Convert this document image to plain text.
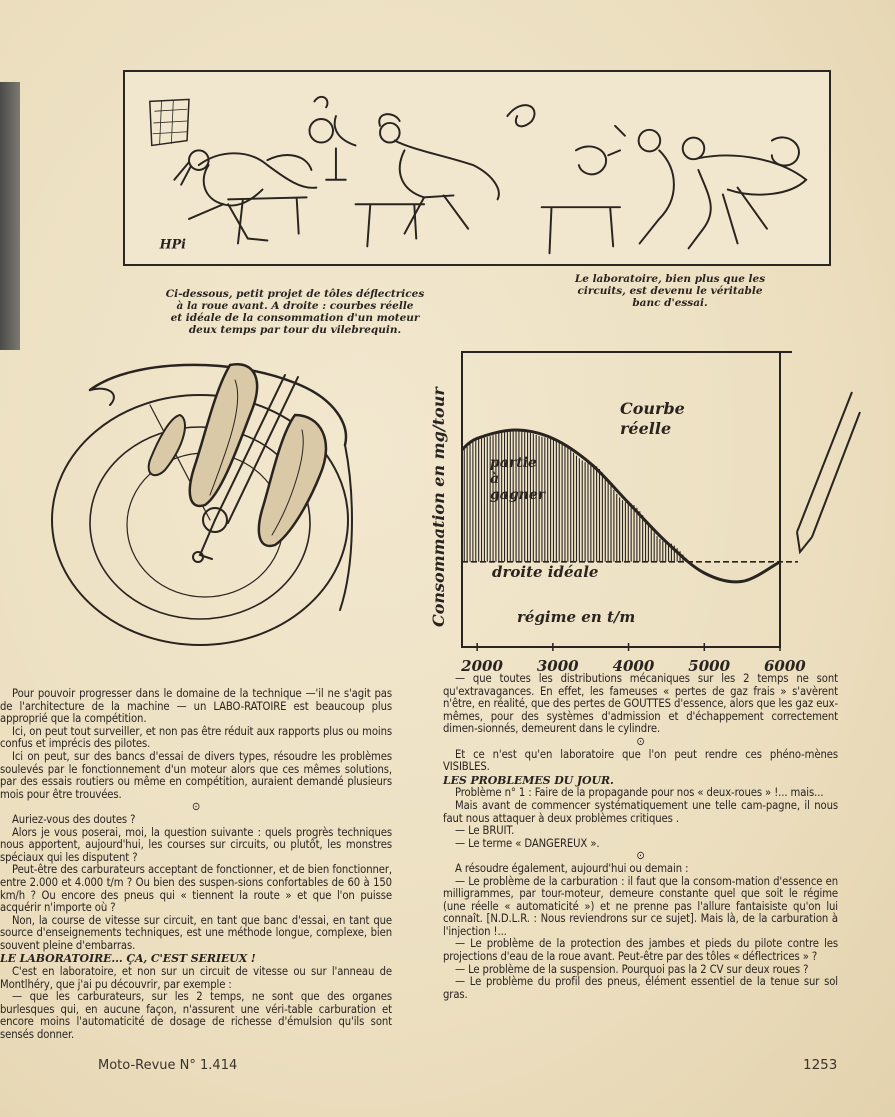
HPi
Ci-dessous, petit projet de tôles déflectrices
à la roue avant. A droite : courbes réelle
et idéale de la consommation d'un moteur
deux temps par tour du vilebrequin.
Le laboratoire, bien plus que les
circuits, est devenu le véritable
banc d'essai.
2000 3000 4000 5000 6000
Consommation en mg/tour	régime en t/m
partie
à
gagner
Courbe
réelle
droite idéale

Pour pouvoir progresser dans le domaine de la technique —'il ne s'agit pas de l'architecture de la machine — un LABO-RATOIRE est beaucoup plus approprié que la compétition.

Ici, on peut tout surveiller, et non pas être réduit aux rapports plus ou moins confus et imprécis des pilotes.

Ici on peut, sur des bancs d'essai de divers types, résoudre les problèmes soulevés par le fonctionnement d'un moteur alors que ces mêmes solutions, par des essais routiers ou même en compétition, auraient demandé plusieurs mois pour être trouvées.

⊙

Auriez-vous des doutes ?

Alors je vous poserai, moi, la question suivante : quels progrès techniques nous apportent, aujourd'hui, les courses sur circuits, ou plutôt, les monstres spéciaux qui les disputent ?

Peut-être des carburateurs acceptant de fonctionner, et de bien fonctionner, entre 2.000 et 4.000 t/m ? Ou bien des suspen-sions confortables de 60 à 150 km/h ? Ou encore des pneus qui « tiennent la route » et que l'on puisse acquérir n'importe où ?

Non, la course de vitesse sur circuit, en tant que banc d'essai, en tant que source d'enseignements techniques, est une méthode longue, complexe, bien souvent pleine d'embarras.

LE LABORATOIRE... ÇA, C'EST SERIEUX !

C'est en laboratoire, et non sur un circuit de vitesse ou sur l'anneau de Montlhéry, que j'ai pu découvrir, par exemple :

— que les carburateurs, sur les 2 temps, ne sont que des organes burlesques qui, en aucune façon, n'assurent une véri-table carburation et encore moins l'automaticité de dosage de richesse d'émulsion qu'ils sont sensés donner.

— que toutes les distributions mécaniques sur les 2 temps ne sont qu'extravagances. En effet, les fameuses « pertes de gaz frais » s'avèrent n'être, en réalité, que des pertes de GOUTTES d'essence, alors que les gaz eux-mêmes, pour des systèmes d'admission et d'échappement correctement dimen-sionnés, demeurent dans le cylindre.

⊙

Et ce n'est qu'en laboratoire que l'on peut rendre ces phéno-mènes VISIBLES.

LES PROBLEMES DU JOUR.

Problème n° 1 : Faire de la propagande pour nos « deux-roues » !... mais...

Mais avant de commencer systématiquement une telle cam-pagne, il nous faut nous attaquer à deux problèmes critiques .

— Le BRUIT.

— Le terme « DANGEREUX ».

⊙

A résoudre également, aujourd'hui ou demain :

— Le problème de la carburation : il faut que la consom-mation d'essence en milligrammes, par tour-moteur, demeure constante quel que soit le régime (une réelle « automaticité ») et ne prenne pas l'allure fantaisiste qu'on lui connaît. [N.D.L.R. : Nous reviendrons sur ce sujet]. Mais là, de la carburation à l'injection !...

— Le problème de la protection des jambes et pieds du pilote contre les projections d'eau de la roue avant. Peut-être par des tôles « déflectrices » ?

— Le problème de la suspension. Pourquoi pas la 2 CV sur deux roues ?

— Le problème du profil des pneus, élément essentiel de la tenue sur sol gras.

Moto-Revue N° 1.414	1253
